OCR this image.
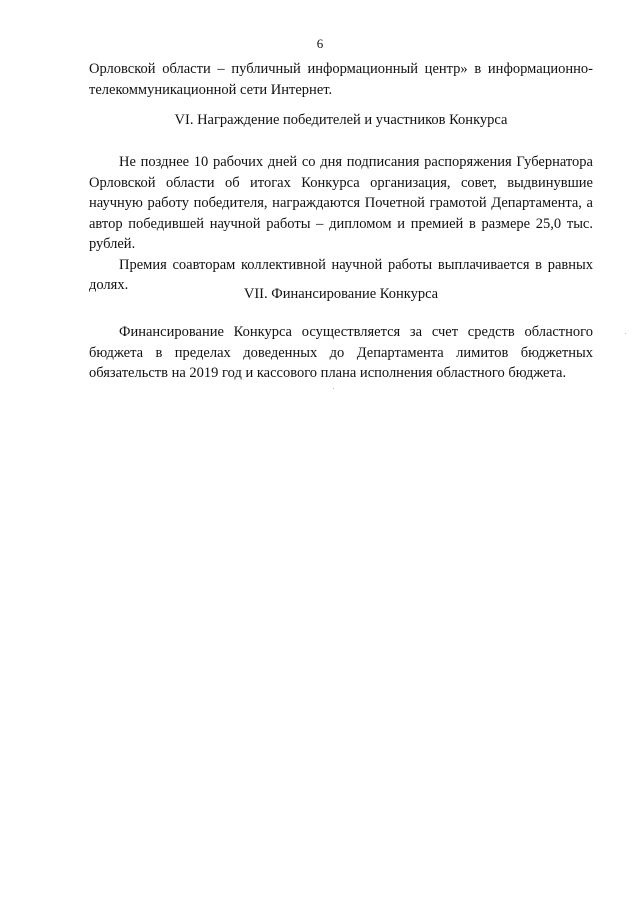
6

Орловской области – публичный информационный центр» в информационно-телекоммуникационной сети Интернет.

VI. Награждение победителей и участников Конкурса

Не позднее 10 рабочих дней со дня подписания распоряжения Губернатора Орловской области об итогах Конкурса организация, совет, выдвинувшие научную работу победителя, награждаются Почетной грамотой Департамента, а автор победившей научной работы – дипломом и премией в размере 25,0 тыс. рублей.

Премия соавторам коллективной научной работы выплачивается в равных долях.

VII. Финансирование Конкурса

Финансирование Конкурса осуществляется за счет средств областного бюджета в пределах доведенных до Департамента лимитов бюджетных обязательств на 2019 год и кассового плана исполнения областного бюджета.
